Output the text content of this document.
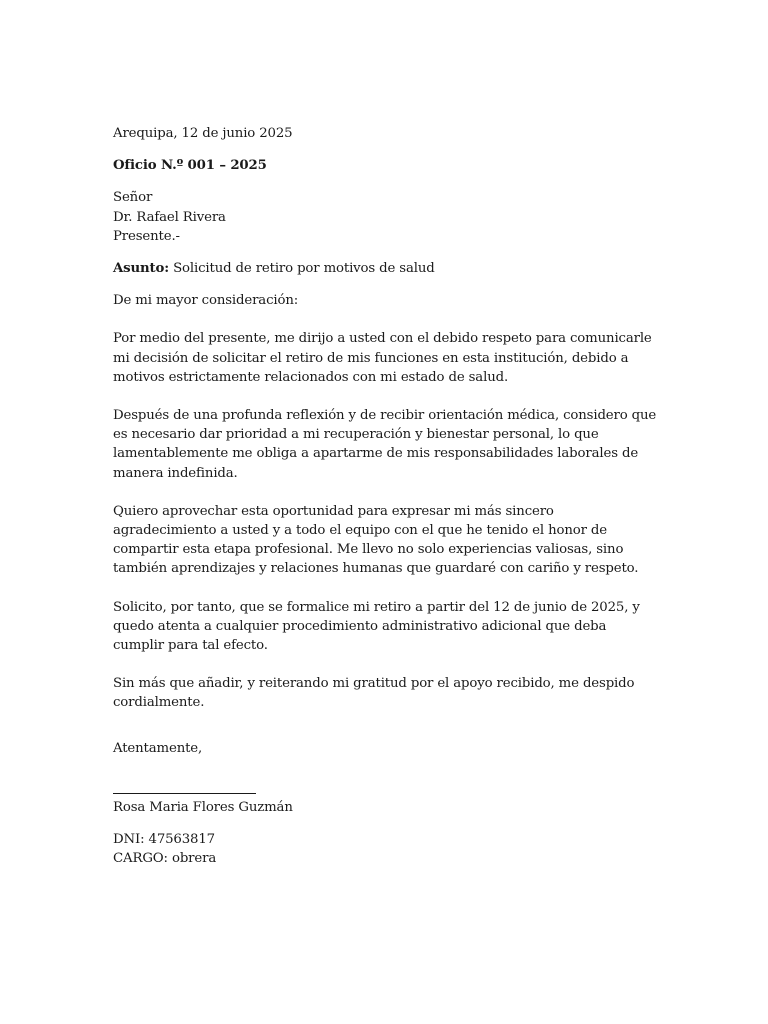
Arequipa, 12 de junio 2025

Oficio N.º 001 – 2025

Señor

Dr. Rafael Rivera

Presente.-

Asunto: Solicitud de retiro por motivos de salud

De mi mayor consideración:

Por medio del presente, me dirijo a usted con el debido respeto para comunicarle mi decisión de solicitar el retiro de mis funciones en esta institución, debido a motivos estrictamente relacionados con mi estado de salud.

Después de una profunda reflexión y de recibir orientación médica, considero que es necesario dar prioridad a mi recuperación y bienestar personal, lo que lamentablemente me obliga a apartarme de mis responsabilidades laborales de manera indefinida.

Quiero aprovechar esta oportunidad para expresar mi más sincero agradecimiento a usted y a todo el equipo con el que he tenido el honor de compartir esta etapa profesional. Me llevo no solo experiencias valiosas, sino también aprendizajes y relaciones humanas que guardaré con cariño y respeto.

Solicito, por tanto, que se formalice mi retiro a partir del 12 de junio de 2025, y quedo atenta a cualquier procedimiento administrativo adicional que deba cumplir para tal efecto.

Sin más que añadir, y reiterando mi gratitud por el apoyo recibido, me despido cordialmente.

Atentamente,

Rosa Maria Flores Guzmán

DNI: 47563817

CARGO: obrera
